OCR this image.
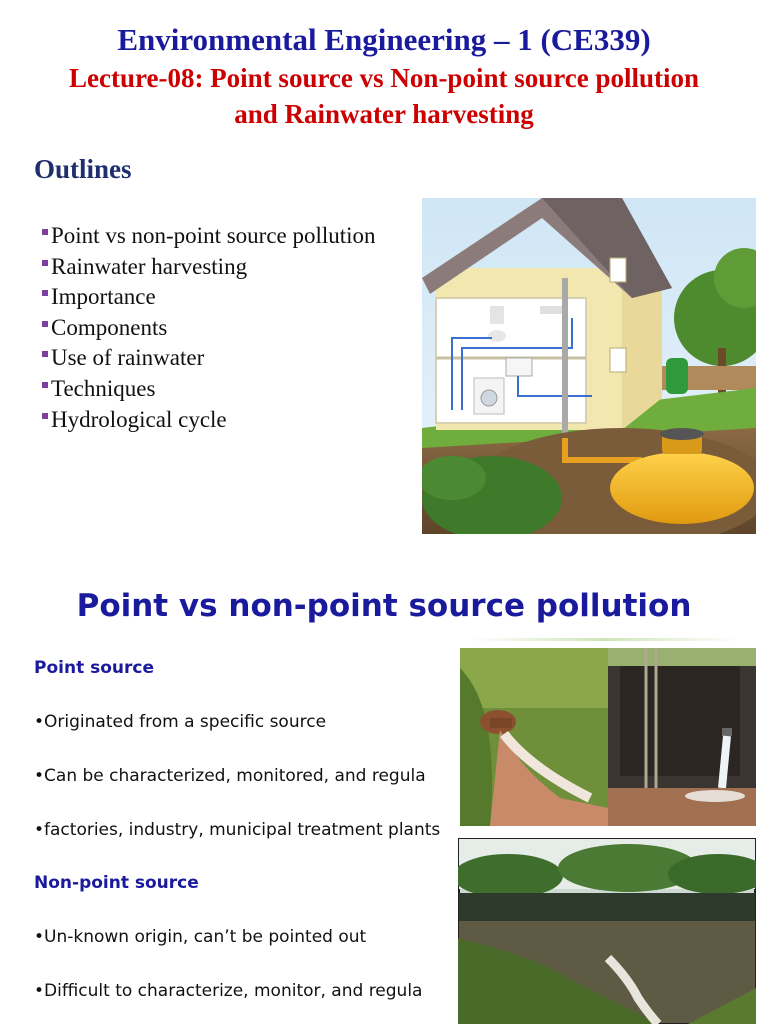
Environmental Engineering – 1 (CE339)
Lecture-08: Point source vs Non-point source pollution
and Rainwater harvesting
Outlines
Point vs non-point source pollution
Rainwater harvesting
Importance
Components
Use of rainwater
Techniques
Hydrological cycle
Point vs non-point source pollution
Point source
•Originated from a specific source
•Can be characterized, monitored, and regula
•factories, industry, municipal treatment plants
Non-point source
•Un-known origin, can’t be pointed out
•Difficult to characterize, monitor, and regula
